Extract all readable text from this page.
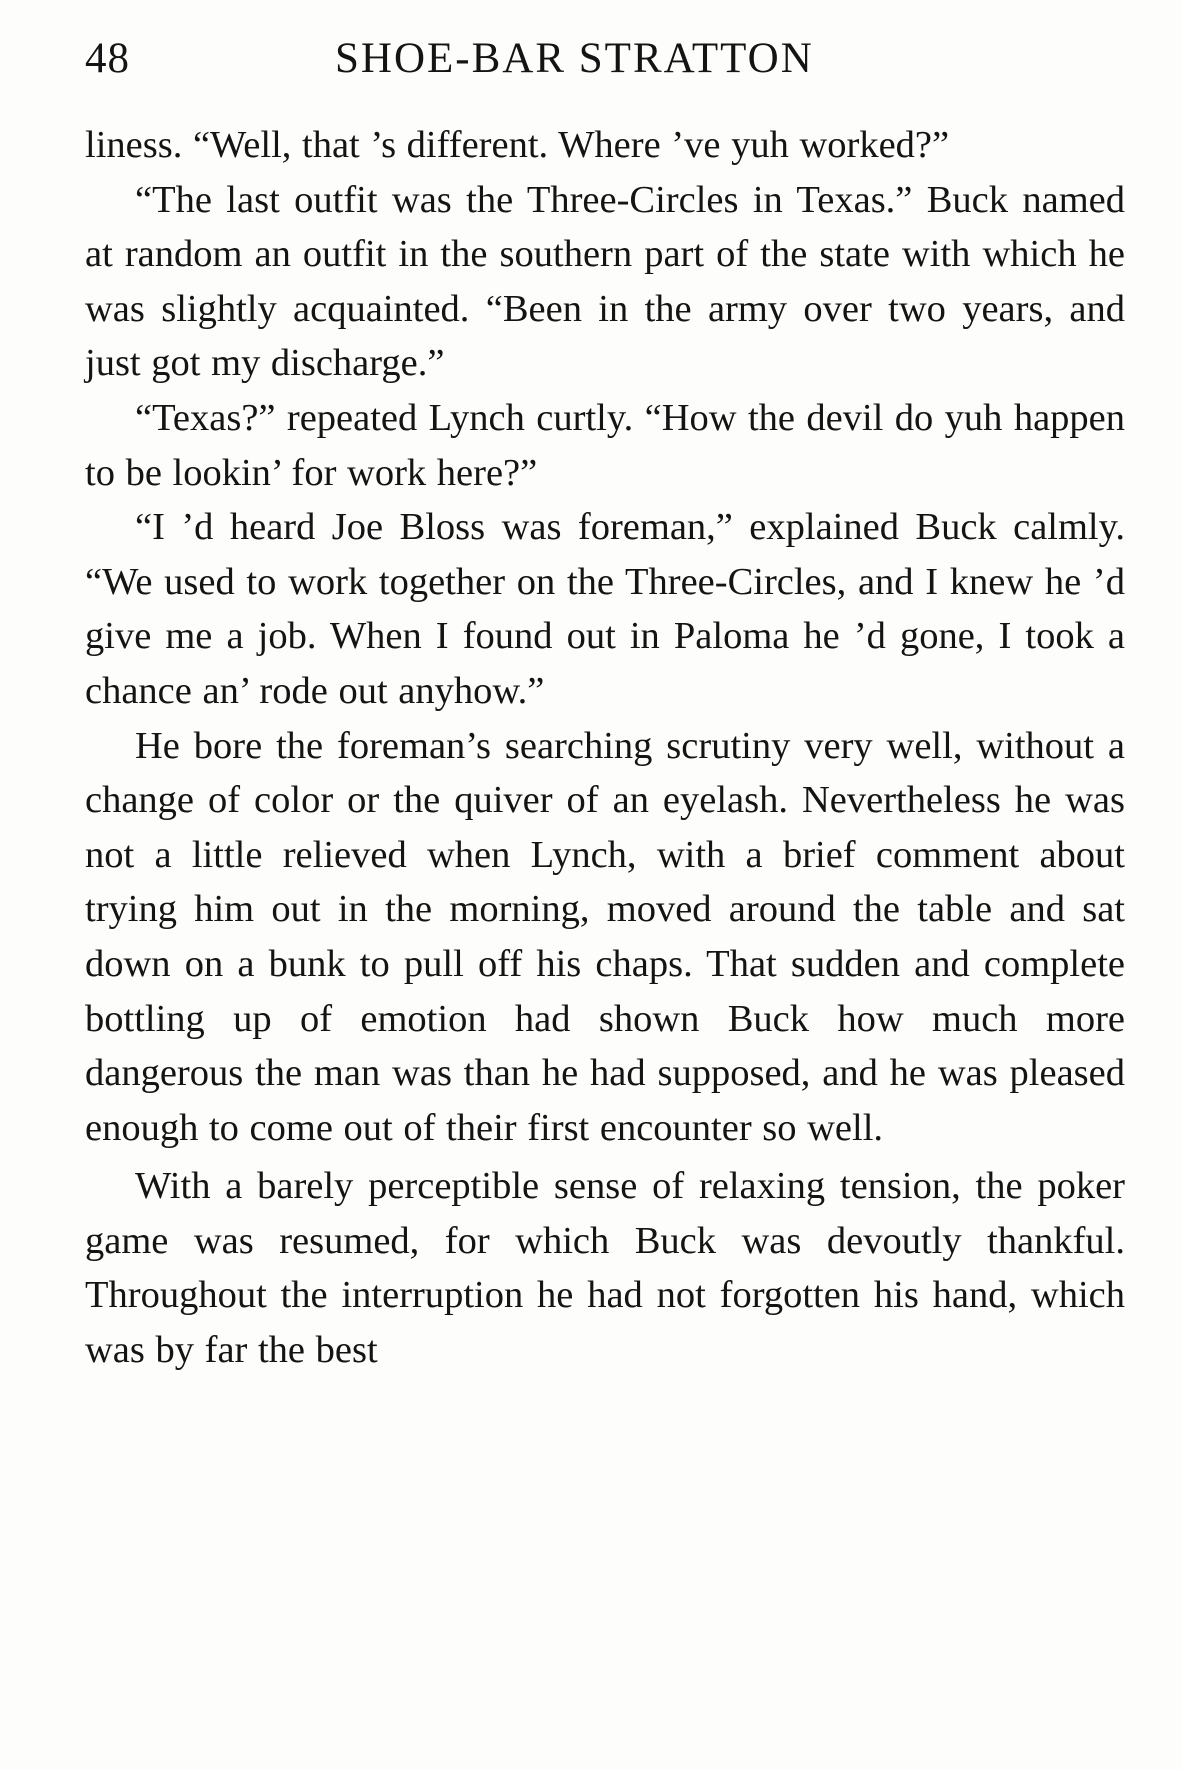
48	SHOE-BAR STRATTON

liness. “Well, that ’s different. Where ’ve yuh worked?”

“The last outfit was the Three-Circles in Texas.” Buck named at random an outfit in the southern part of the state with which he was slightly acquainted. “Been in the army over two years, and just got my discharge.”

“Texas?” repeated Lynch curtly. “How the devil do yuh happen to be lookin’ for work here?”

“I ’d heard Joe Bloss was foreman,” explained Buck calmly. “We used to work together on the Three-Circles, and I knew he ’d give me a job. When I found out in Paloma he ’d gone, I took a chance an’ rode out anyhow.”

He bore the foreman’s searching scrutiny very well, without a change of color or the quiver of an eyelash. Nevertheless he was not a little relieved when Lynch, with a brief comment about trying him out in the morning, moved around the table and sat down on a bunk to pull off his chaps. That sudden and complete bottling up of emotion had shown Buck how much more dangerous the man was than he had supposed, and he was pleased enough to come out of their first encounter so well.

With a barely perceptible sense of relaxing tension, the poker game was resumed, for which Buck was devoutly thankful. Throughout the interruption he had not forgotten his hand, which was by far the best
